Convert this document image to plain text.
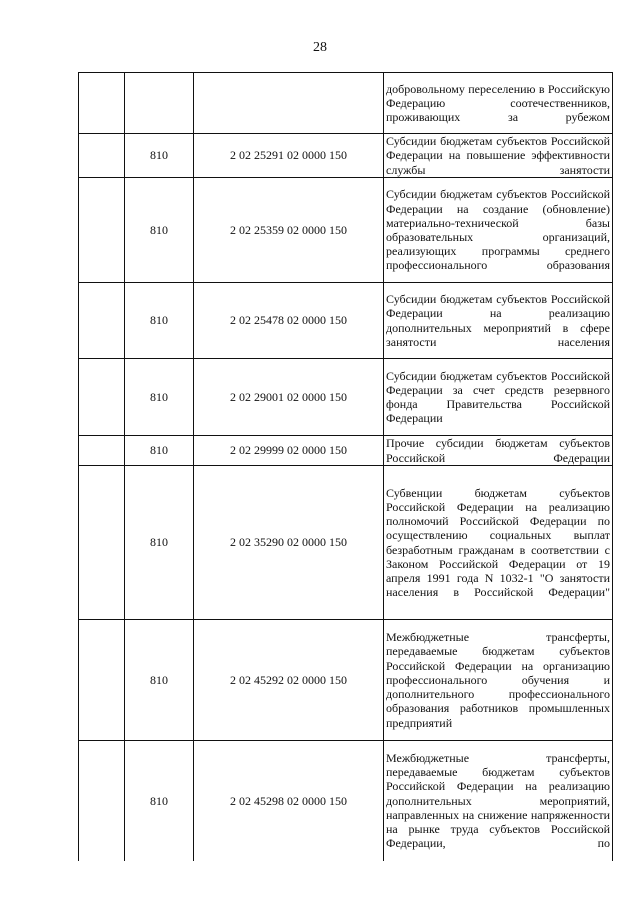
28

			добровольному переселению в Российскую Федерацию соотечественников, проживающих за рубежом

	810	2 02 25291 02 0000 150	Субсидии бюджетам субъектов Российской Федерации на повышение эффективности службы занятости

	810	2 02 25359 02 0000 150	Субсидии бюджетам субъектов Российской Федерации на создание (обновление) материально-технической базы образовательных организаций, реализующих программы среднего профессионального образования

	810	2 02 25478 02 0000 150	Субсидии бюджетам субъектов Российской Федерации на реализацию дополнительных мероприятий в сфере занятости населения

	810	2 02 29001 02 0000 150	Субсидии бюджетам субъектов Российской Федерации за счет средств резервного фонда Правительства Российской Федерации

	810	2 02 29999 02 0000 150	Прочие субсидии бюджетам субъектов Российской Федерации

	810	2 02 35290 02 0000 150	Субвенции бюджетам субъектов Российской Федерации на реализацию полномочий Российской Федерации по осуществлению социальных выплат безработным гражданам в соответствии с Законом Российской Федерации от 19 апреля 1991 года N 1032-1 "О занятости населения в Российской Федерации"

	810	2 02 45292 02 0000 150	Межбюджетные трансферты, передаваемые бюджетам субъектов Российской Федерации на организацию профессионального обучения и дополнительного профессионального образования работников промышленных предприятий

	810	2 02 45298 02 0000 150	Межбюджетные трансферты, передаваемые бюджетам субъектов Российской Федерации на реализацию дополнительных мероприятий, направленных на снижение напряженности на рынке труда субъектов Российской Федерации, по
